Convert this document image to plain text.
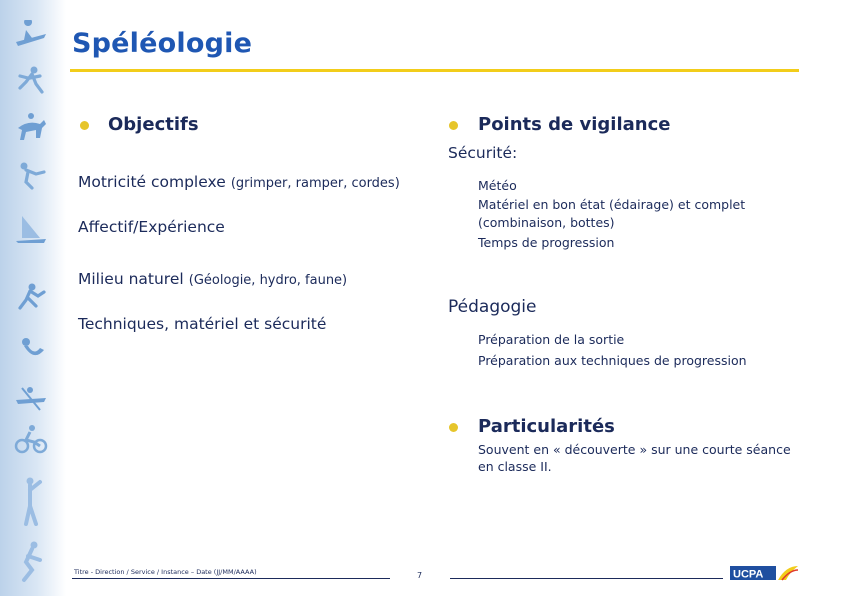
Spéléologie
Objectifs
Motricité complexe (grimper, ramper, cordes)
Affectif/Expérience
Milieu naturel (Géologie, hydro, faune)
Techniques, matériel et sécurité
Points de vigilance
Sécurité:
Météo
Matériel en bon état (édairage) et complet
(combinaison, bottes)
Temps de progression
Pédagogie
Préparation de la sortie
Préparation aux techniques de progression
Particularités
Souvent en « découverte » sur une courte séance
en classe II.
Titre - Direction / Service / Instance – Date (JJ/MM/AAAA)	7	UCPA
